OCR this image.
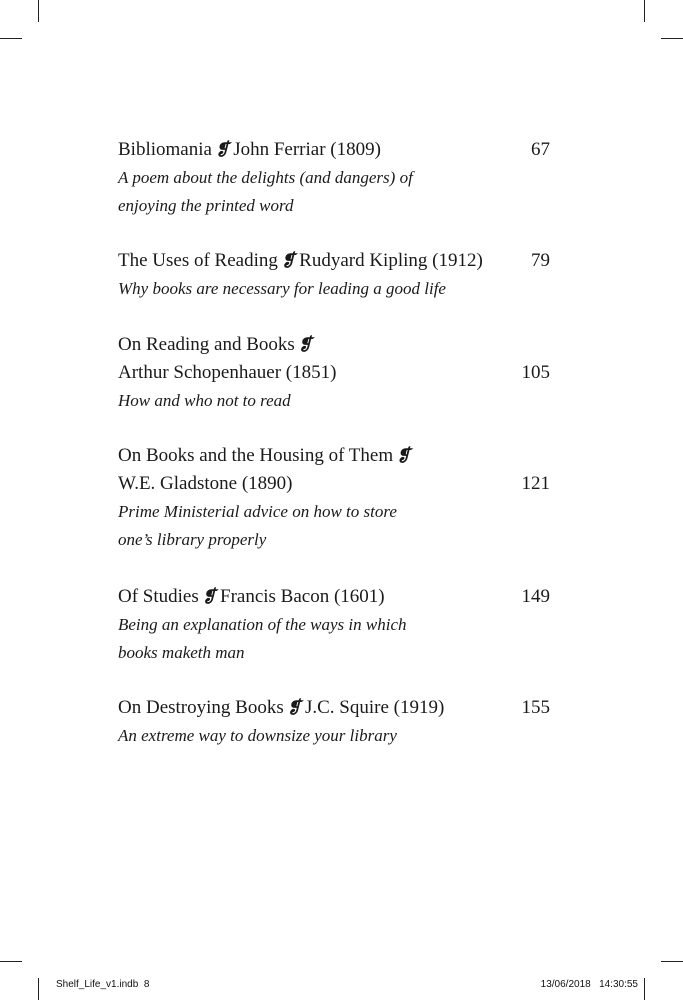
Bibliomania ❡ John Ferriar (1809)	67
A poem about the delights (and dangers) of
enjoying the printed word
The Uses of Reading ❡ Rudyard Kipling (1912)	79
Why books are necessary for leading a good life
On Reading and Books ❡
Arthur Schopenhauer (1851)	105
How and who not to read
On Books and the Housing of Them ❡
W.E. Gladstone (1890)	121
Prime Ministerial advice on how to store
one’s library properly
Of Studies ❡ Francis Bacon (1601)	149
Being an explanation of the ways in which
books maketh man
On Destroying Books ❡ J.C. Squire (1919)	155
An extreme way to downsize your library
Shelf_Life_v1.indb 8	13/06/2018 14:30:55
